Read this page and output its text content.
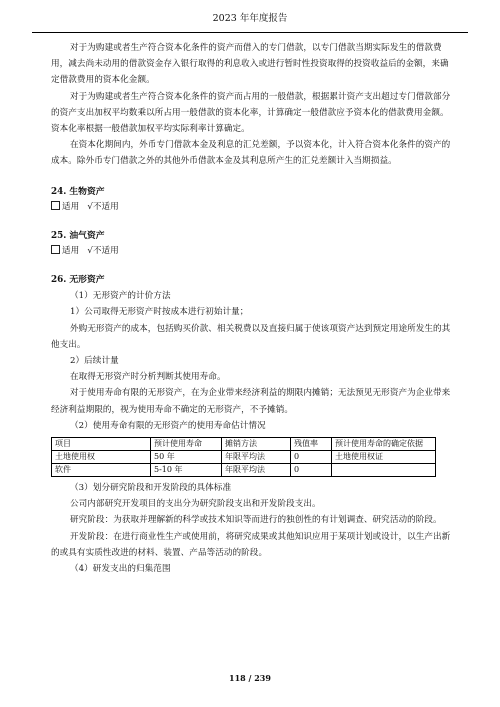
2023 年年度报告

对于为购建或者生产符合资本化条件的资产而借入的专门借款，以专门借款当期实际发生的借款费用，减去尚未动用的借款资金存入银行取得的利息收入或进行暂时性投资取得的投资收益后的金额，来确定借款费用的资本化金额。

对于为购建或者生产符合资本化条件的资产而占用的一般借款，根据累计资产支出超过专门借款部分的资产支出加权平均数乘以所占用一般借款的资本化率，计算确定一般借款应予资本化的借款费用金额。资本化率根据一般借款加权平均实际利率计算确定。

在资本化期间内，外币专门借款本金及利息的汇兑差额，予以资本化，计入符合资本化条件的资产的成本。除外币专门借款之外的其他外币借款本金及其利息所产生的汇兑差额计入当期损益。

24. 生物资产

适用 √不适用

25. 油气资产

适用 √不适用

26. 无形资产

（1）无形资产的计价方法

1）公司取得无形资产时按成本进行初始计量；

外购无形资产的成本，包括购买价款、相关税费以及直接归属于使该项资产达到预定用途所发生的其他支出。

2）后续计量

在取得无形资产时分析判断其使用寿命。

对于使用寿命有限的无形资产，在为企业带来经济利益的期限内摊销；无法预见无形资产为企业带来经济利益期限的，视为使用寿命不确定的无形资产，不予摊销。

（2）使用寿命有限的无形资产的使用寿命估计情况

项目	预计使用寿命	摊销方法	残值率	预计使用寿命的确定依据
土地使用权	50 年	年限平均法	0	土地使用权证
软件	5-10 年	年限平均法	0	

（3）划分研究阶段和开发阶段的具体标准

公司内部研究开发项目的支出分为研究阶段支出和开发阶段支出。

研究阶段：为获取并理解新的科学或技术知识等而进行的独创性的有计划调查、研究活动的阶段。

开发阶段：在进行商业性生产或使用前，将研究成果或其他知识应用于某项计划或设计，以生产出新的或具有实质性改进的材料、装置、产品等活动的阶段。

（4）研发支出的归集范围

118 / 239
